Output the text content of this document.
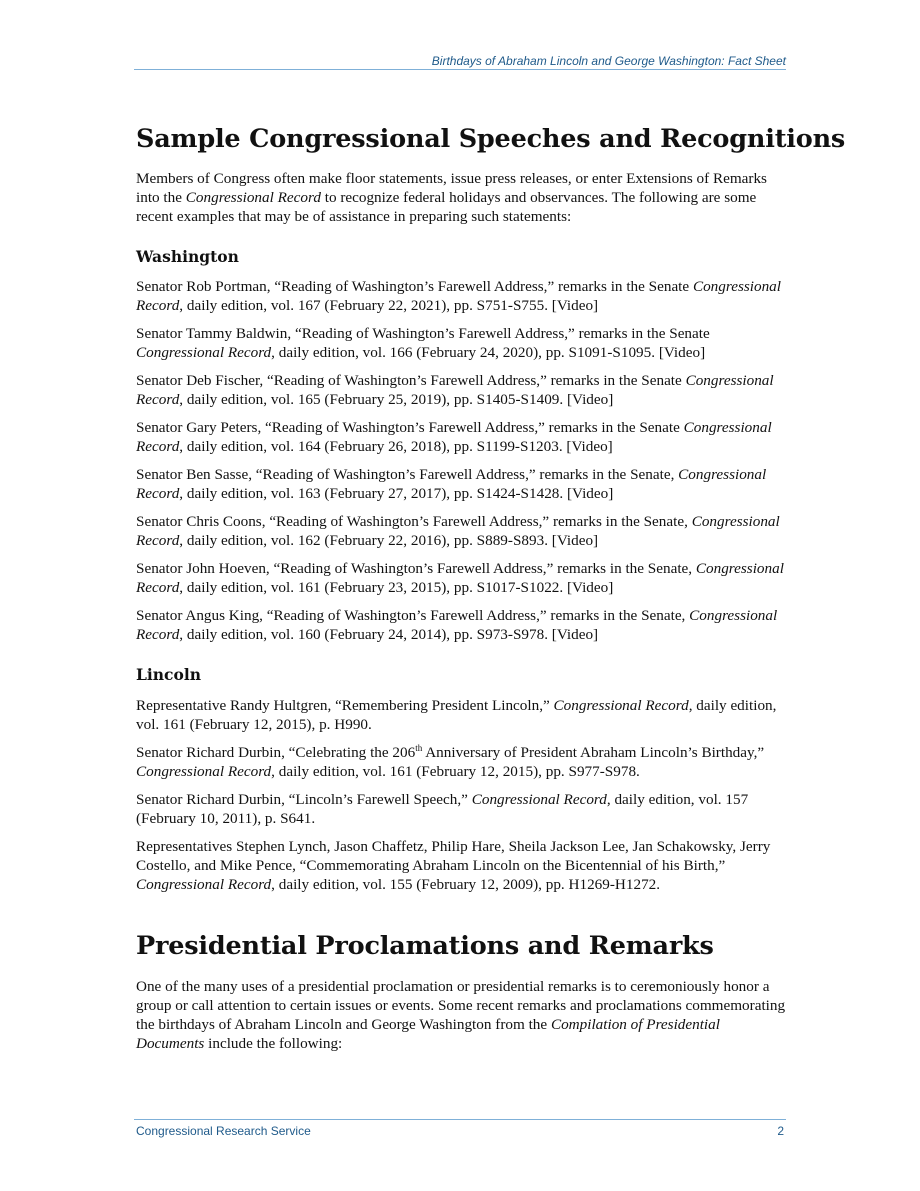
Birthdays of Abraham Lincoln and George Washington: Fact Sheet
Sample Congressional Speeches and Recognitions

Members of Congress often make floor statements, issue press releases, or enter Extensions of Remarks into the Congressional Record to recognize federal holidays and observances. The following are some recent examples that may be of assistance in preparing such statements:

Washington

Senator Rob Portman, “Reading of Washington’s Farewell Address,” remarks in the Senate Congressional Record, daily edition, vol. 167 (February 22, 2021), pp. S751-S755. [Video]

Senator Tammy Baldwin, “Reading of Washington’s Farewell Address,” remarks in the Senate Congressional Record, daily edition, vol. 166 (February 24, 2020), pp. S1091-S1095. [Video]

Senator Deb Fischer, “Reading of Washington’s Farewell Address,” remarks in the Senate Congressional Record, daily edition, vol. 165 (February 25, 2019), pp. S1405-S1409. [Video]

Senator Gary Peters, “Reading of Washington’s Farewell Address,” remarks in the Senate Congressional Record, daily edition, vol. 164 (February 26, 2018), pp. S1199-S1203. [Video]

Senator Ben Sasse, “Reading of Washington’s Farewell Address,” remarks in the Senate, Congressional Record, daily edition, vol. 163 (February 27, 2017), pp. S1424-S1428. [Video]

Senator Chris Coons, “Reading of Washington’s Farewell Address,” remarks in the Senate, Congressional Record, daily edition, vol. 162 (February 22, 2016), pp. S889-S893. [Video]

Senator John Hoeven, “Reading of Washington’s Farewell Address,” remarks in the Senate, Congressional Record, daily edition, vol. 161 (February 23, 2015), pp. S1017-S1022. [Video]

Senator Angus King, “Reading of Washington’s Farewell Address,” remarks in the Senate, Congressional Record, daily edition, vol. 160 (February 24, 2014), pp. S973-S978. [Video]

Lincoln

Representative Randy Hultgren, “Remembering President Lincoln,” Congressional Record, daily edition, vol. 161 (February 12, 2015), p. H990.

Senator Richard Durbin, “Celebrating the 206th Anniversary of President Abraham Lincoln’s Birthday,” Congressional Record, daily edition, vol. 161 (February 12, 2015), pp. S977-S978.

Senator Richard Durbin, “Lincoln’s Farewell Speech,” Congressional Record, daily edition, vol. 157 (February 10, 2011), p. S641.

Representatives Stephen Lynch, Jason Chaffetz, Philip Hare, Sheila Jackson Lee, Jan Schakowsky, Jerry Costello, and Mike Pence, “Commemorating Abraham Lincoln on the Bicentennial of his Birth,” Congressional Record, daily edition, vol. 155 (February 12, 2009), pp. H1269-H1272.

Presidential Proclamations and Remarks

One of the many uses of a presidential proclamation or presidential remarks is to ceremoniously honor a group or call attention to certain issues or events. Some recent remarks and proclamations commemorating the birthdays of Abraham Lincoln and George Washington from the Compilation of Presidential Documents include the following:

Congressional Research Service	2
